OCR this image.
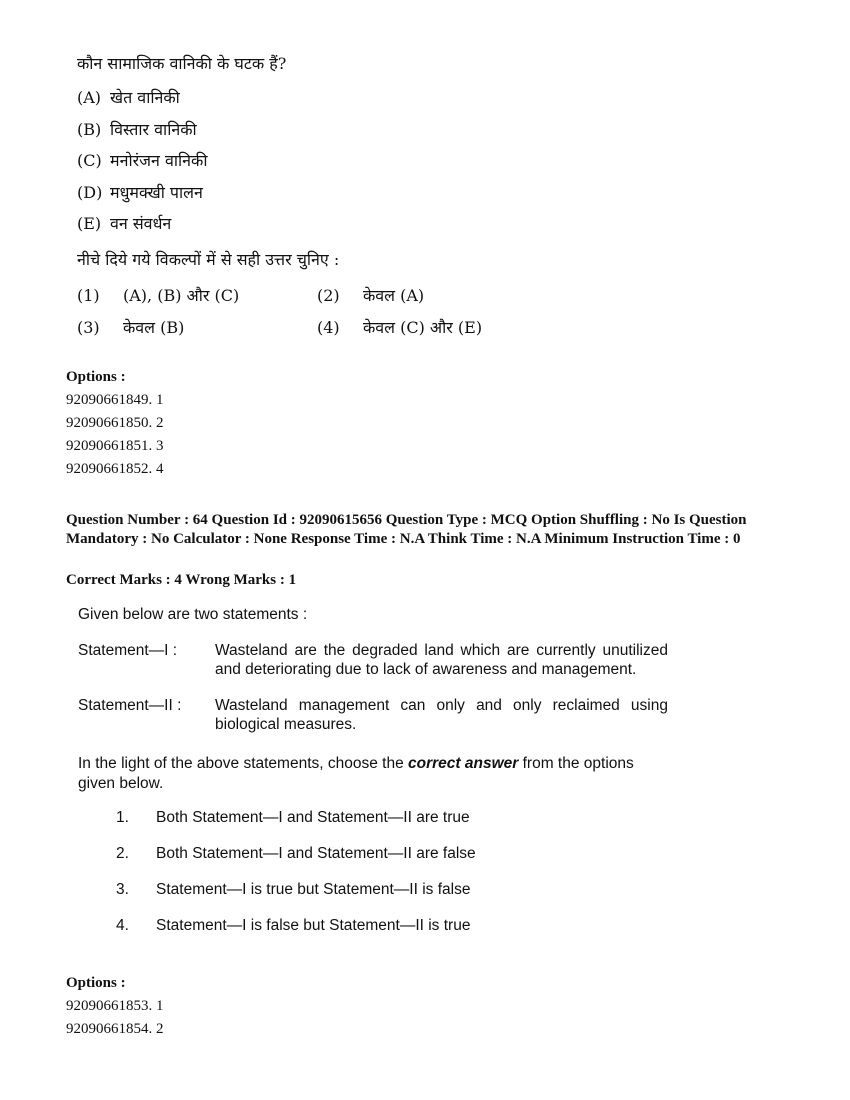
कौन सामाजिक वानिकी के घटक हैं?

(A) खेत वानिकी
(B) विस्तार वानिकी
(C) मनोरंजन वानिकी
(D) मधुमक्खी पालन
(E) वन संवर्धन
नीचे दिये गये विकल्पों में से सही उत्तर चुनिए :
(1)	(A), (B) और (C)	(2)	केवल (A)
(3)	केवल (B)	(4)	केवल (C) और (E)
Options :
92090661849. 1
92090661850. 2
92090661851. 3
92090661852. 4
Question Number : 64 Question Id : 92090615656 Question Type : MCQ Option Shuffling : No Is Question Mandatory : No Calculator : None Response Time : N.A Think Time : N.A Minimum Instruction Time : 0
Correct Marks : 4 Wrong Marks : 1
Given below are two statements :
Statement—I :	Wasteland are the degraded land which are currently unutilized and deteriorating due to lack of awareness and management.
Statement—II :	Wasteland management can only and only reclaimed using biological measures.
In the light of the above statements, choose the correct answer from the options given below.
1.	Both Statement—I and Statement—II are true
2.	Both Statement—I and Statement—II are false
3.	Statement—I is true but Statement—II is false
4.	Statement—I is false but Statement—II is true
Options :
92090661853. 1
92090661854. 2
